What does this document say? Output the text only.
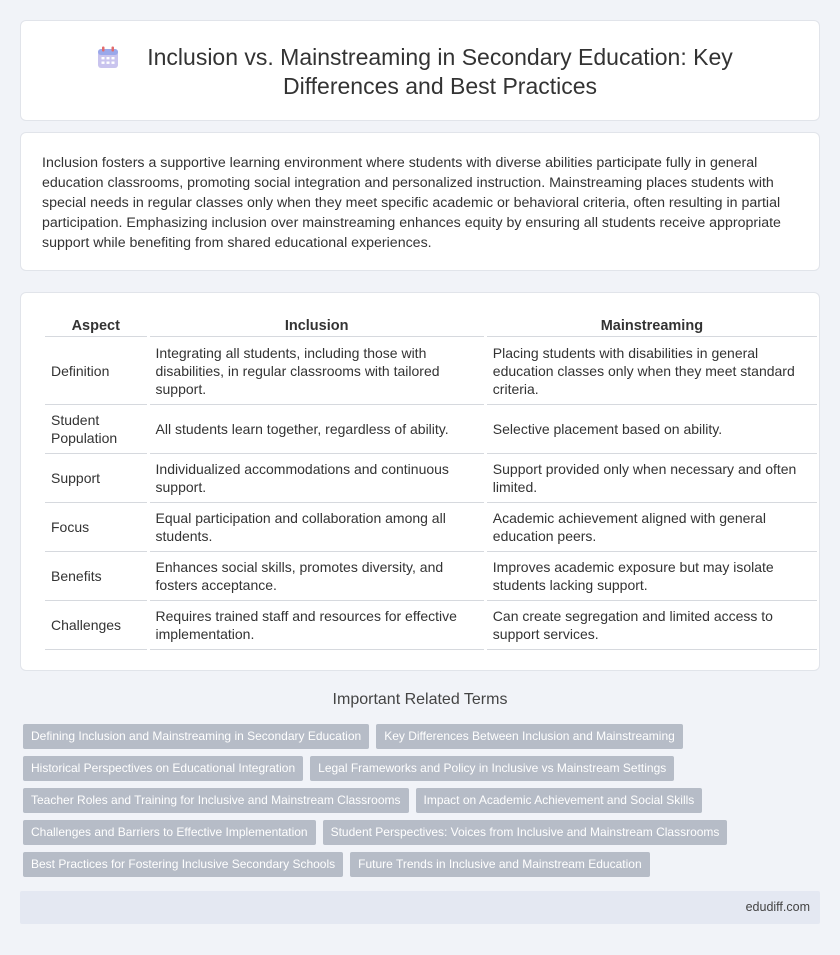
Inclusion vs. Mainstreaming in Secondary Education: Key Differences and Best Practices

Inclusion fosters a supportive learning environment where students with diverse abilities participate fully in general education classrooms, promoting social integration and personalized instruction. Mainstreaming places students with special needs in regular classes only when they meet specific academic or behavioral criteria, often resulting in partial participation. Emphasizing inclusion over mainstreaming enhances equity by ensuring all students receive appropriate support while benefiting from shared educational experiences.

Aspect	Inclusion	Mainstreaming
Definition	Integrating all students, including those with disabilities, in regular classrooms with tailored support.	Placing students with disabilities in general education classes only when they meet standard criteria.
Student Population	All students learn together, regardless of ability.	Selective placement based on ability.
Support	Individualized accommodations and continuous support.	Support provided only when necessary and often limited.
Focus	Equal participation and collaboration among all students.	Academic achievement aligned with general education peers.
Benefits	Enhances social skills, promotes diversity, and fosters acceptance.	Improves academic exposure but may isolate students lacking support.
Challenges	Requires trained staff and resources for effective implementation.	Can create segregation and limited access to support services.
Important Related Terms
Defining Inclusion and Mainstreaming in Secondary Education	Key Differences Between Inclusion and Mainstreaming
Historical Perspectives on Educational Integration	Legal Frameworks and Policy in Inclusive vs Mainstream Settings
Teacher Roles and Training for Inclusive and Mainstream Classrooms	Impact on Academic Achievement and Social Skills
Challenges and Barriers to Effective Implementation	Student Perspectives: Voices from Inclusive and Mainstream Classrooms
Best Practices for Fostering Inclusive Secondary Schools	Future Trends in Inclusive and Mainstream Education
edudiff.com
